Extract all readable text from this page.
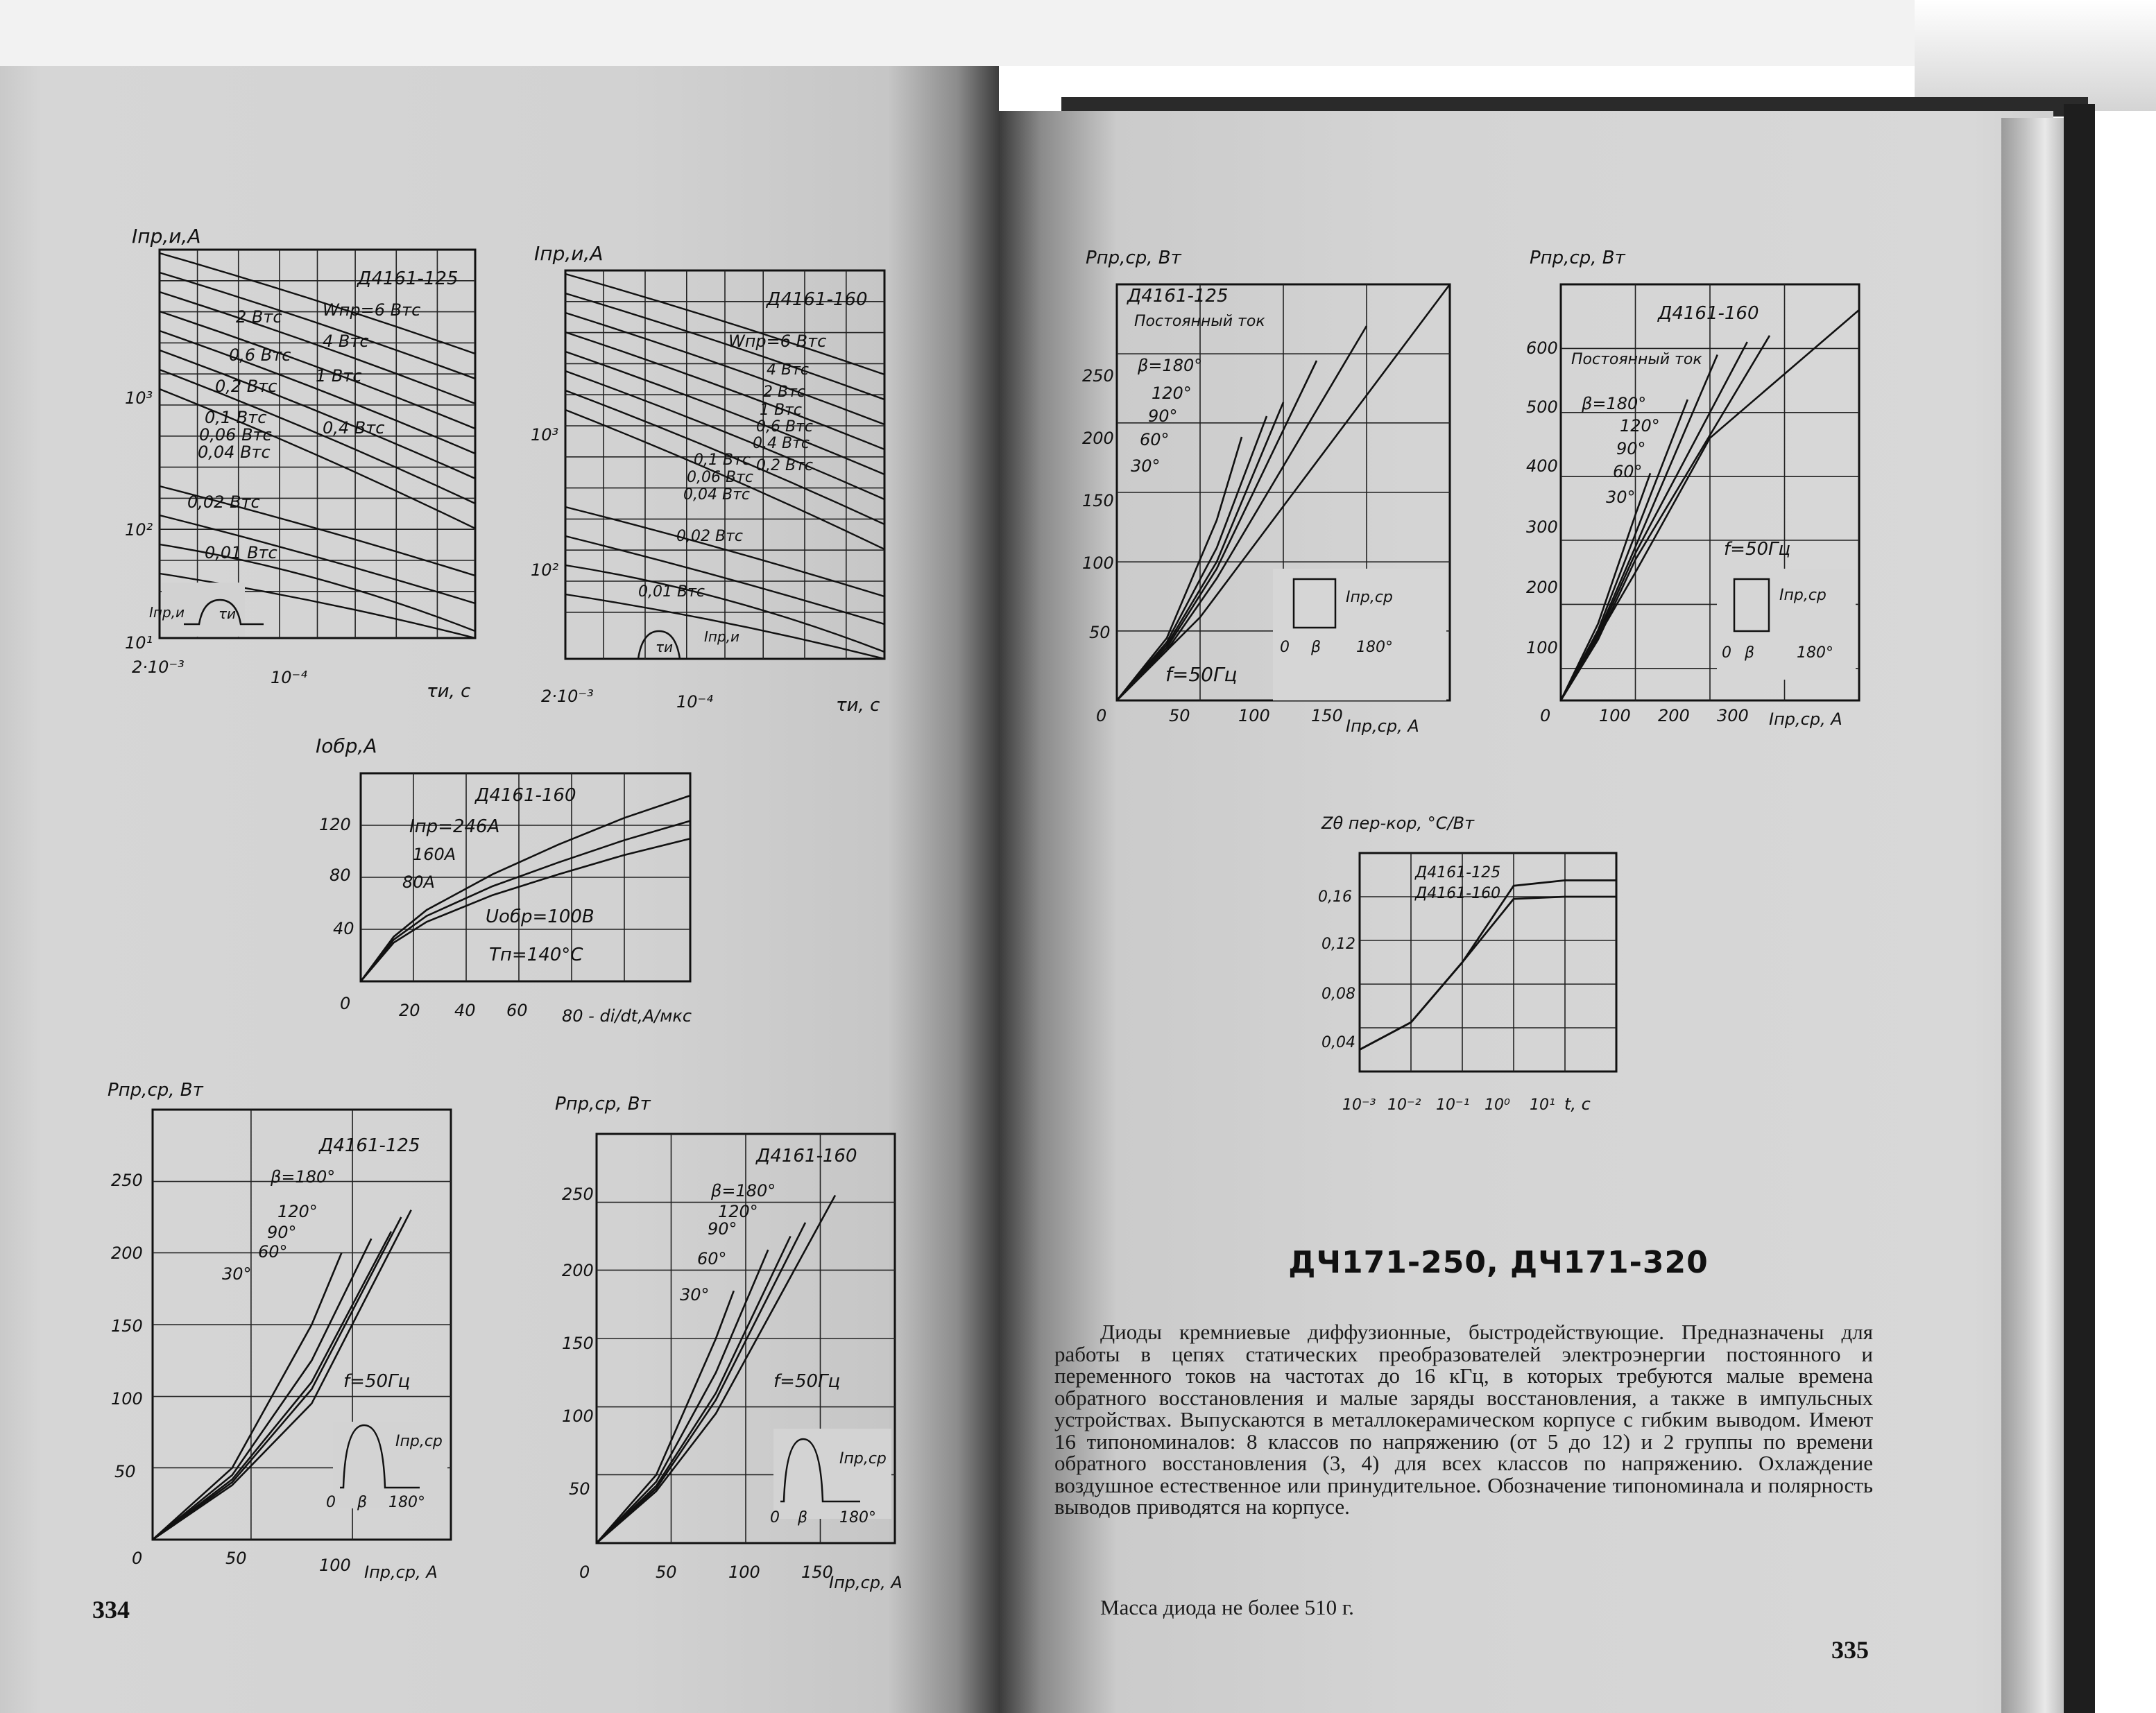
Iпр,и,А
Д4161-125
Wпр=6 Втс
4 Втс
1 Втс
0,4 Втс
2 Втс
0,6 Втс
0,2 Втс
0,1 Втс
0,06 Втс
0,04 Втс
0,02 Втс
0,01 Втс
10³
10²
10¹
2·10⁻³
10⁻⁴
τи, с
Iпр,и τи
Iпр,и,А
Д4161-160
Wпр=6 Втс
4 Втс
2 Втс
1 Втс
0,6 Втс
0,4 Втс
0,2 Втс
0,1 Втс
0,06 Втс
0,04 Втс
0,02 Втс
0,01 Втс
10³
10²
2·10⁻³	10⁻⁴	τи, с
τи
Iпр,и
Iобр,А
Д4161-160
Iпр=246А
160А
80А
Uобр=100В
Tп=140°С
120
80
40
0	20 40 60 80 - di/dt,А/мкс
Pпр,ср, Вт
Д4161-125
β=180°
120°
90°
60°
30°
f=50Гц
250
200
150
100
50
0	50	100 Iпр,ср, А
Iпр,ср
0 β 180°
Pпр,ср, Вт
Д4161-160
β=180°
120°
90°
60°
30°
f=50Гц
250
200
150
100
50
0	50	100 150
Iпр,ср, А
Iпр,ср
0 β 180°
334
Pпр,ср, Вт
Д4161-125
Постоянный ток
β=180°
120°
90°
60°
30°
250
200
150
100
50
0	50	100 150
Iпр,ср, А
Iпр,ср
0 β 180°
f=50Гц
Pпр,ср, Вт
Д4161-160
Постоянный ток
β=180°
120°
90°
60°
30°
600
500
400
300
200
100
0	100 200 300 Iпр,ср, А
f=50Гц
Iпр,ср
0 β	180°
Zθ пер-кор, °С/Вт
Д4161-125
Д4161-160
0,16
0,12
0,08
0,04
10⁻³ 10⁻² 10⁻¹ 10⁰ 10¹ t, с
ДЧ171-250, ДЧ171-320

Диоды кремниевые диффузионные, быстродействующие. Предназначены для работы в цепях статических преобразователей электроэнергии постоянного и переменного токов на частотах до 16 кГц, в которых требуются малые времена обратного восстановления и малые заряды восстановления, а также в импульсных устройствах. Выпускаются в металлокерамическом корпусе с гибким выводом. Имеют 16 типономиналов: 8 классов по напряжению (от 5 до 12) и 2 группы по времени обратного восстановления (3, 4) для всех классов по напряжению. Охлаждение воздушное естественное или принудительное. Обозначение типономинала и полярность выводов приводятся на корпусе.

Масса диода не более 510 г.
335
